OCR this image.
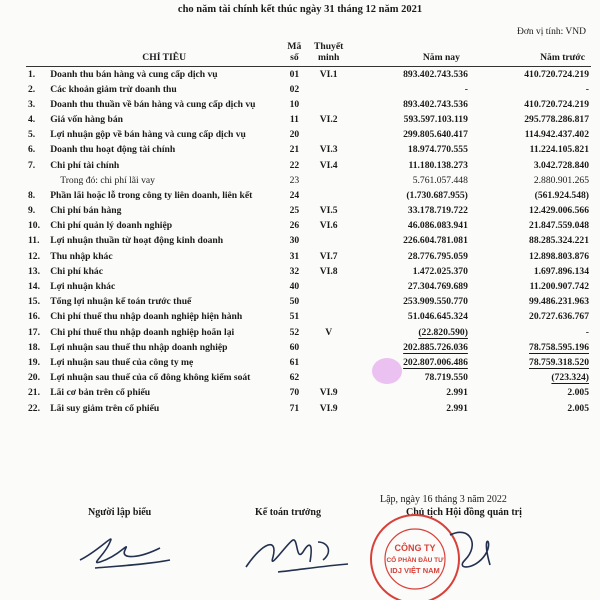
cho năm tài chính kết thúc ngày 31 tháng 12 năm 2021
Đơn vị tính: VND
	CHỈ TIÊU	Mã số	Thuyết minh	Năm nay	Năm trước

1.	Doanh thu bán hàng và cung cấp dịch vụ	01	VI.1	893.402.743.536	410.720.724.219
2.	Các khoản giảm trừ doanh thu	02		-	-
3.	Doanh thu thuần về bán hàng và cung cấp dịch vụ	10		893.402.743.536	410.720.724.219
4.	Giá vốn hàng bán	11	VI.2	593.597.103.119	295.778.286.817
5.	Lợi nhuận gộp về bán hàng và cung cấp dịch vụ	20		299.805.640.417	114.942.437.402
6.	Doanh thu hoạt động tài chính	21	VI.3	18.974.770.555	11.224.105.821
7.	Chi phí tài chính	22	VI.4	11.180.138.273	3.042.728.840
	Trong đó: chi phí lãi vay	23		5.761.057.448	2.880.901.265
8.	Phần lãi hoặc lỗ trong công ty liên doanh, liên kết	24		(1.730.687.955)	(561.924.548)
9.	Chi phí bán hàng	25	VI.5	33.178.719.722	12.429.006.566
10.	Chi phí quản lý doanh nghiệp	26	VI.6	46.086.083.941	21.847.559.048
11.	Lợi nhuận thuần từ hoạt động kinh doanh	30		226.604.781.081	88.285.324.221
12.	Thu nhập khác	31	VI.7	28.776.795.059	12.898.803.876
13.	Chi phí khác	32	VI.8	1.472.025.370	1.697.896.134
14.	Lợi nhuận khác	40		27.304.769.689	11.200.907.742
15.	Tổng lợi nhuận kế toán trước thuế	50		253.909.550.770	99.486.231.963
16.	Chi phí thuế thu nhập doanh nghiệp hiện hành	51		51.046.645.324	20.727.636.767
17.	Chi phí thuế thu nhập doanh nghiệp hoãn lại	52	V	(22.820.590)	-
18.	Lợi nhuận sau thuế thu nhập doanh nghiệp	60		202.885.726.036	78.758.595.196
19.	Lợi nhuận sau thuế của công ty mẹ	61		202.807.006.486	78.759.318.520
20.	Lợi nhuận sau thuế của cổ đông không kiểm soát	62		78.719.550	(723.324)
21.	Lãi cơ bản trên cổ phiếu	70	VI.9	2.991	2.005
22.	Lãi suy giảm trên cổ phiếu	71	VI.9	2.991	2.005
Lập, ngày 16 tháng 3 năm 2022
Người lập biểu	Kế toán trưởng	Chủ tịch Hội đồng quản trị
CÔNG TY
CỔ PHẦN ĐẦU TƯ
IDJ VIỆT NAM
